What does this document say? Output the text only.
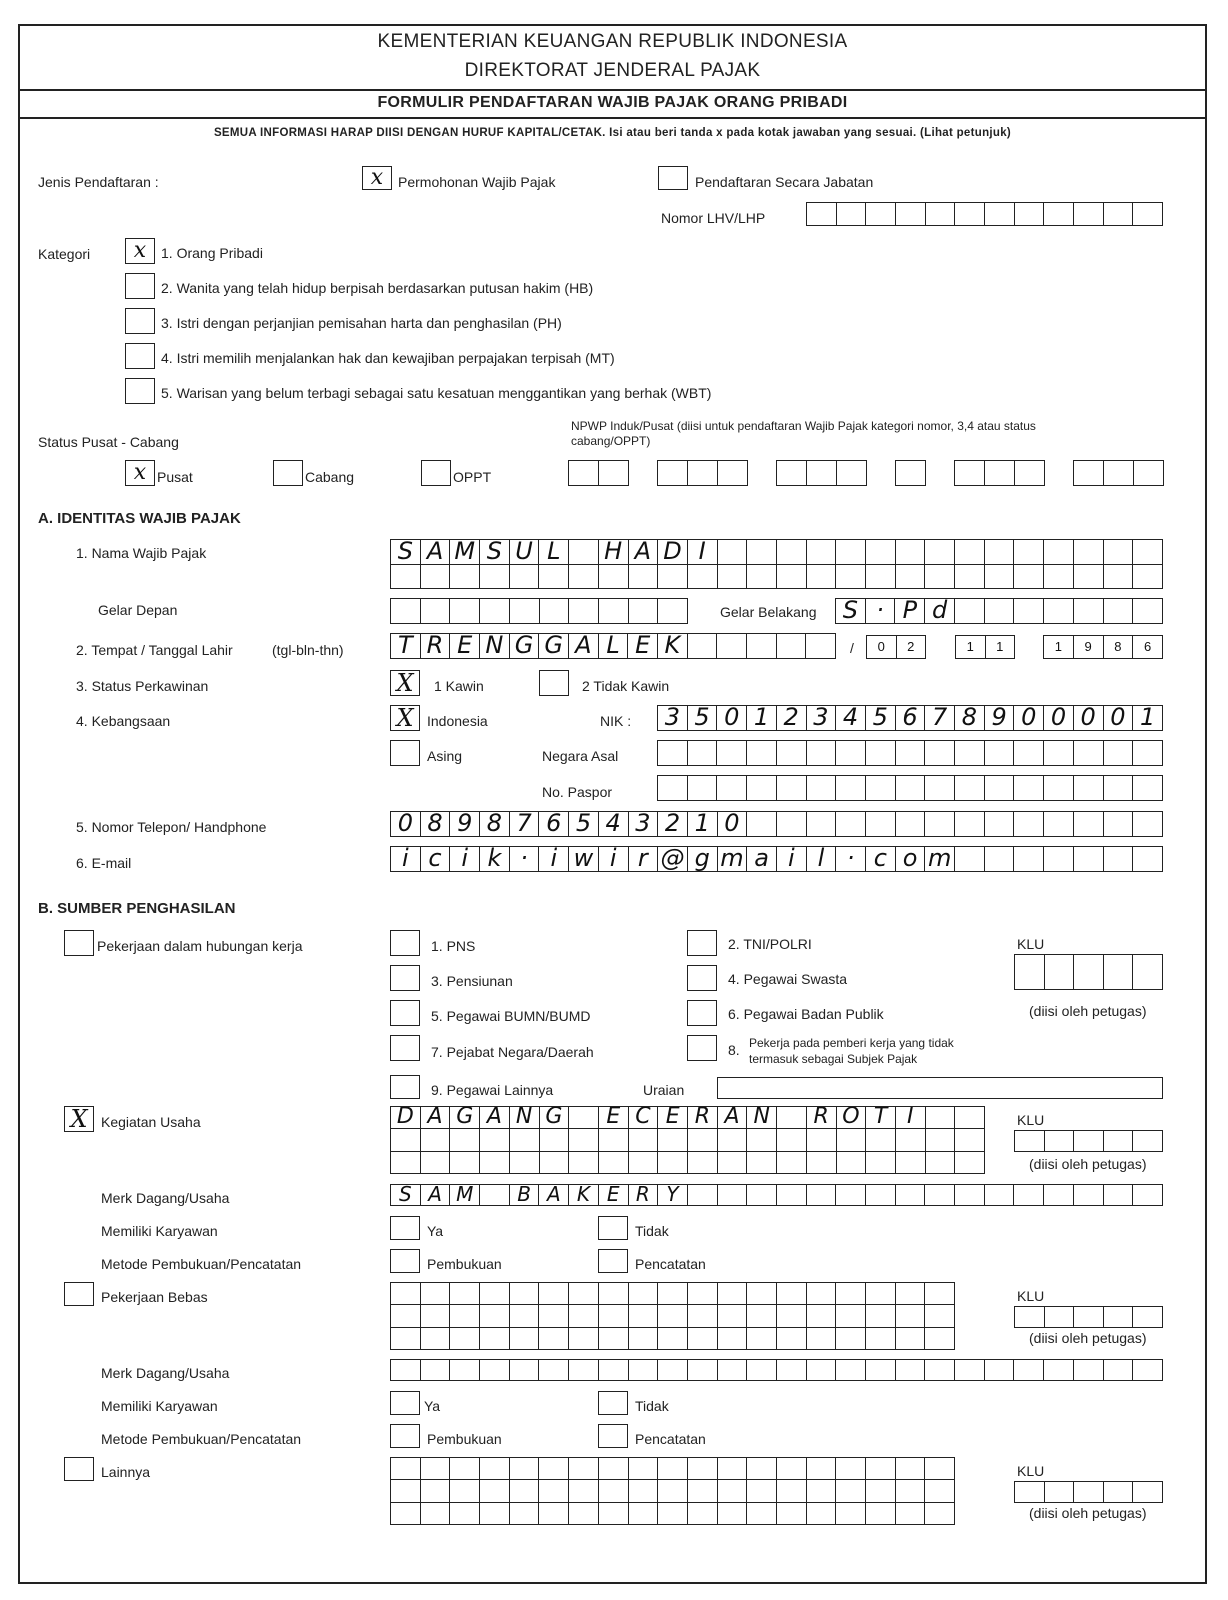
KEMENTERIAN KEUANGAN REPUBLIK INDONESIA
DIREKTORAT JENDERAL PAJAK
FORMULIR PENDAFTARAN WAJIB PAJAK ORANG PRIBADI
SEMUA INFORMASI HARAP DIISI DENGAN HURUF KAPITAL/CETAK. Isi atau beri tanda x pada kotak jawaban yang sesuai. (Lihat petunjuk)
Jenis Pendaftaran :	x	Permohonan Wajib Pajak	Pendaftaran Secara Jabatan
Nomor LHV/LHP
Kategori	x	1. Orang Pribadi
2. Wanita yang telah hidup berpisah berdasarkan putusan hakim (HB)
3. Istri dengan perjanjian pemisahan harta dan penghasilan (PH)
4. Istri memilih menjalankan hak dan kewajiban perpajakan terpisah (MT)
5. Warisan yang belum terbagi sebagai satu kesatuan menggantikan yang berhak (WBT)
Status Pusat - Cabang
NPWP Induk/Pusat (diisi untuk pendaftaran Wajib Pajak kategori nomor, 3,4 atau status
cabang/OPPT)
x Pusat	Cabang	OPPT
A. IDENTITAS WAJIB PAJAK
1. Nama Wajib Pajak	S A M S U L	H A D I
Gelar Depan	Gelar Belakang S · P d
2. Tempat / Tanggal Lahir	(tgl-bln-thn) T R E N G G A L E K	/	0	2	1	1	1	9	8	6
3. Status Perkawinan	X	1 Kawin	2 Tidak Kawin
4. Kebangsaan	X Indonesia	NIK : 3 5 0 1 2 3 4 5 6 7 8 9 0 0 0 0 1
Asing	Negara Asal
No. Paspor
5. Nomor Telepon/ Handphone	0 8 9 8 7 6 5 4 3 2 1 0
6. E-mail	i c i k · i w i r @ g m a i l · c o m
B. SUMBER PENGHASILAN
Pekerjaan dalam hubungan kerja	1. PNS	2. TNI/POLRI
3. Pensiunan	4. Pegawai Swasta
5. Pegawai BUMN/BUMD	6. Pegawai Badan Publik
7. Pejabat Negara/Daerah	8. Pekerja pada pemberi kerja yang tidak
termasuk sebagai Subjek Pajak
9. Pegawai Lainnya	Uraian
KLU
(diisi oleh petugas)
X Kegiatan Usaha	D A G A N G	E C E R A N	R O T I	KLU
(diisi oleh petugas)
Merk Dagang/Usaha	S A M	B A K E R Y
Memiliki Karyawan	Ya	Tidak
Metode Pembukuan/Pencatatan	Pembukuan	Pencatatan
Pekerjaan Bebas	KLU
(diisi oleh petugas)
Merk Dagang/Usaha
Memiliki Karyawan	Ya	Tidak
Metode Pembukuan/Pencatatan	Pembukuan	Pencatatan
Lainnya	KLU
(diisi oleh petugas)
